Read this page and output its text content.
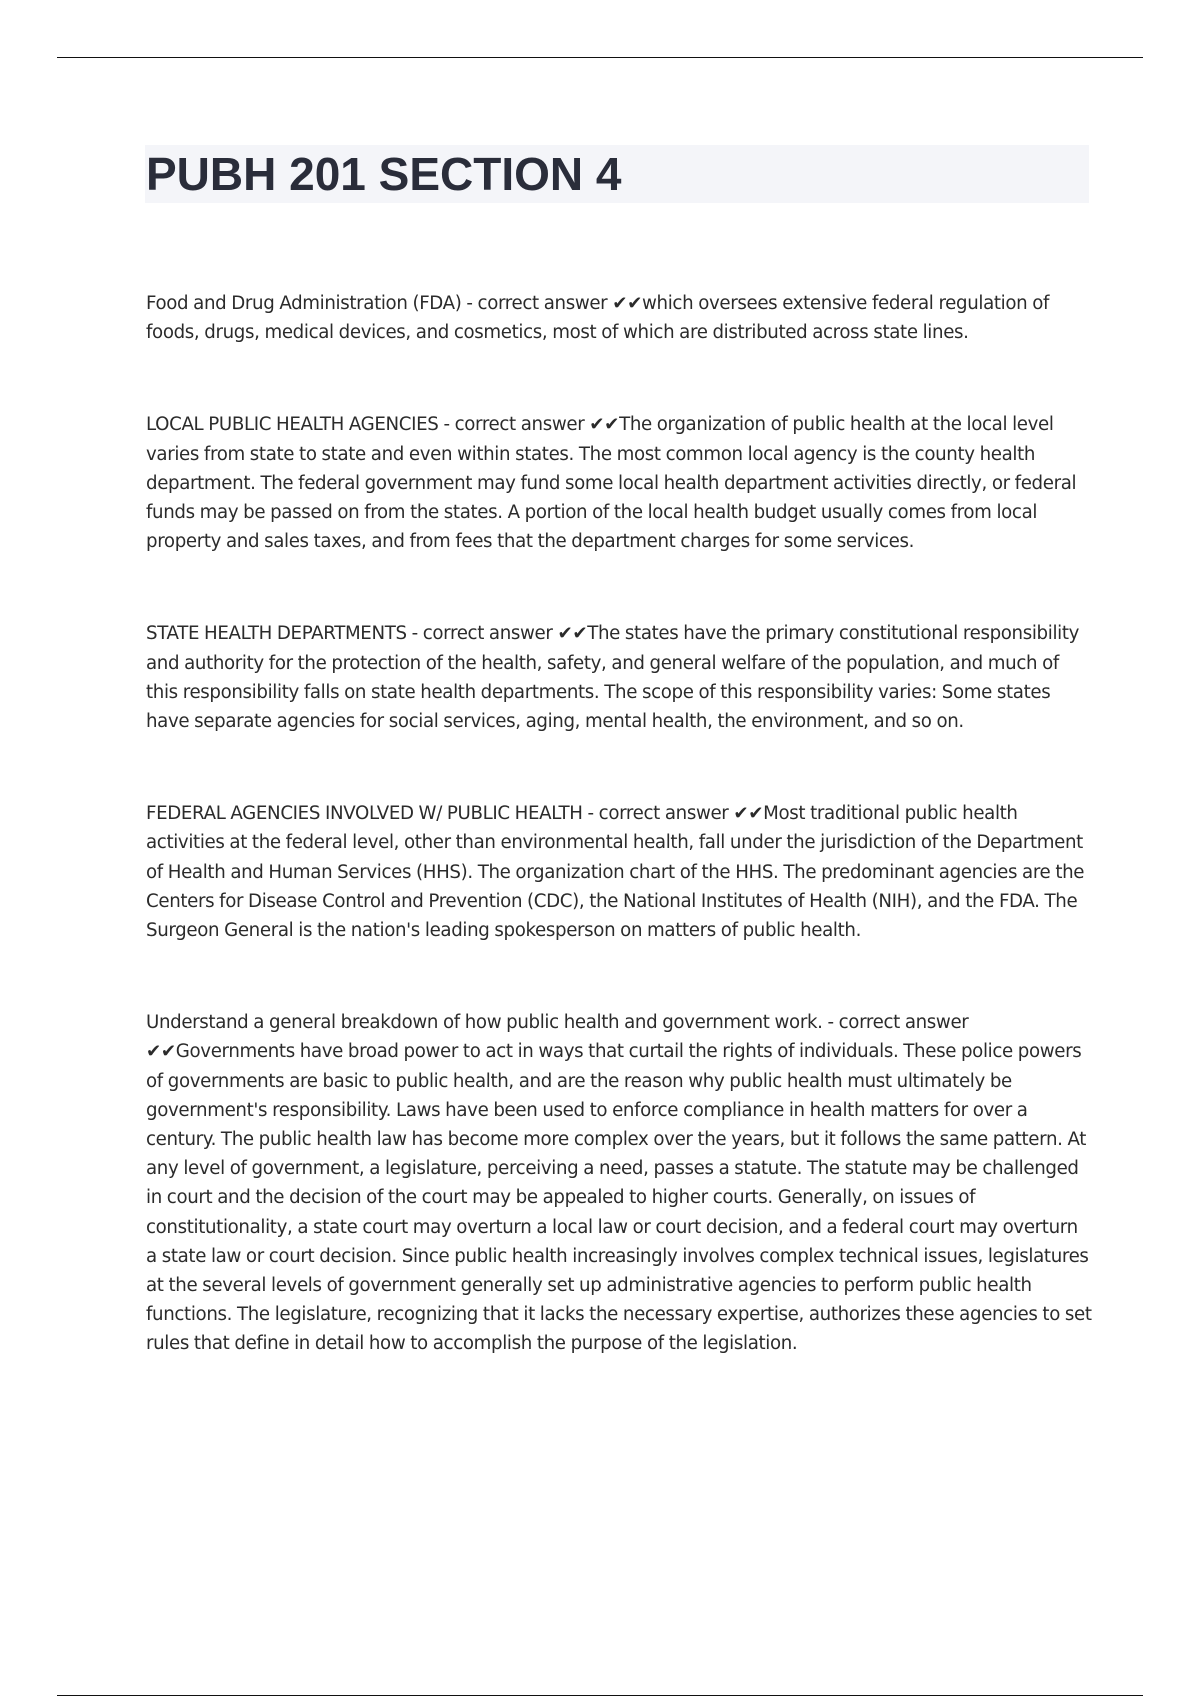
PUBH 201 SECTION 4

Food and Drug Administration (FDA) - correct answer ✔✔which oversees extensive federal regulation of foods, drugs, medical devices, and cosmetics, most of which are distributed across state lines.

LOCAL PUBLIC HEALTH AGENCIES - correct answer ✔✔The organization of public health at the local level varies from state to state and even within states. The most common local agency is the county health department. The federal government may fund some local health department activities directly, or federal funds may be passed on from the states. A portion of the local health budget usually comes from local property and sales taxes, and from fees that the department charges for some services.

STATE HEALTH DEPARTMENTS - correct answer ✔✔The states have the primary constitutional responsibility and authority for the protection of the health, safety, and general welfare of the population, and much of this responsibility falls on state health departments. The scope of this responsibility varies: Some states have separate agencies for social services, aging, mental health, the environment, and so on.

FEDERAL AGENCIES INVOLVED W/ PUBLIC HEALTH - correct answer ✔✔Most traditional public health activities at the federal level, other than environmental health, fall under the jurisdiction of the Department of Health and Human Services (HHS). The organization chart of the HHS. The predominant agencies are the Centers for Disease Control and Prevention (CDC), the National Institutes of Health (NIH), and the FDA. The Surgeon General is the nation's leading spokesperson on matters of public health.

Understand a general breakdown of how public health and government work. - correct answer ✔✔Governments have broad power to act in ways that curtail the rights of individuals. These police powers of governments are basic to public health, and are the reason why public health must ultimately be government's responsibility. Laws have been used to enforce compliance in health matters for over a century. The public health law has become more complex over the years, but it follows the same pattern. At any level of government, a legislature, perceiving a need, passes a statute. The statute may be challenged in court and the decision of the court may be appealed to higher courts. Generally, on issues of constitutionality, a state court may overturn a local law or court decision, and a federal court may overturn a state law or court decision. Since public health increasingly involves complex technical issues, legislatures at the several levels of government generally set up administrative agencies to perform public health functions. The legislature, recognizing that it lacks the necessary expertise, authorizes these agencies to set rules that define in detail how to accomplish the purpose of the legislation.
